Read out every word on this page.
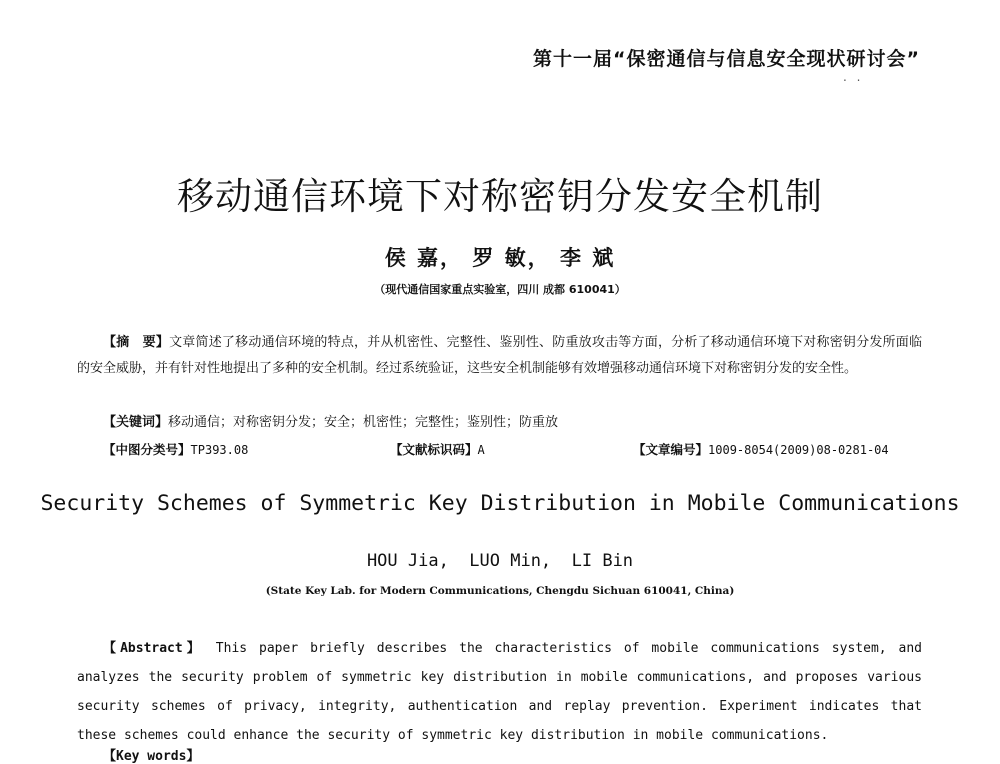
第十一届“保密通信与信息安全现状研讨会”
. .
移动通信环境下对称密钥分发安全机制
侯 嘉， 罗 敏， 李 斌
（现代通信国家重点实验室，四川 成都 610041）

【摘　要】文章简述了移动通信环境的特点，并从机密性、完整性、鉴别性、防重放攻击等方面，分析了移动通信环境下对称密钥分发所面临的安全威胁，并有针对性地提出了多种的安全机制。经过系统验证，这些安全机制能够有效增强移动通信环境下对称密钥分发的安全性。

【关键词】移动通信；对称密钥分发；安全；机密性；完整性；鉴别性；防重放
【中图分类号】TP393.08	【文献标识码】A	【文章编号】1009-8054(2009)08-0281-04
Security Schemes of Symmetric Key Distribution in Mobile Communications
HOU Jia,  LUO Min,  LI Bin
(State Key Lab. for Modern Communications, Chengdu Sichuan 610041, China)

【Abstract】 This paper briefly describes the characteristics of mobile communications system, and analyzes the security problem of symmetric key distribution in mobile communications, and proposes various security schemes of privacy, integrity, authentication and replay prevention. Experiment indicates that these schemes could enhance the security of symmetric key distribution in mobile communications.

【Key words】
